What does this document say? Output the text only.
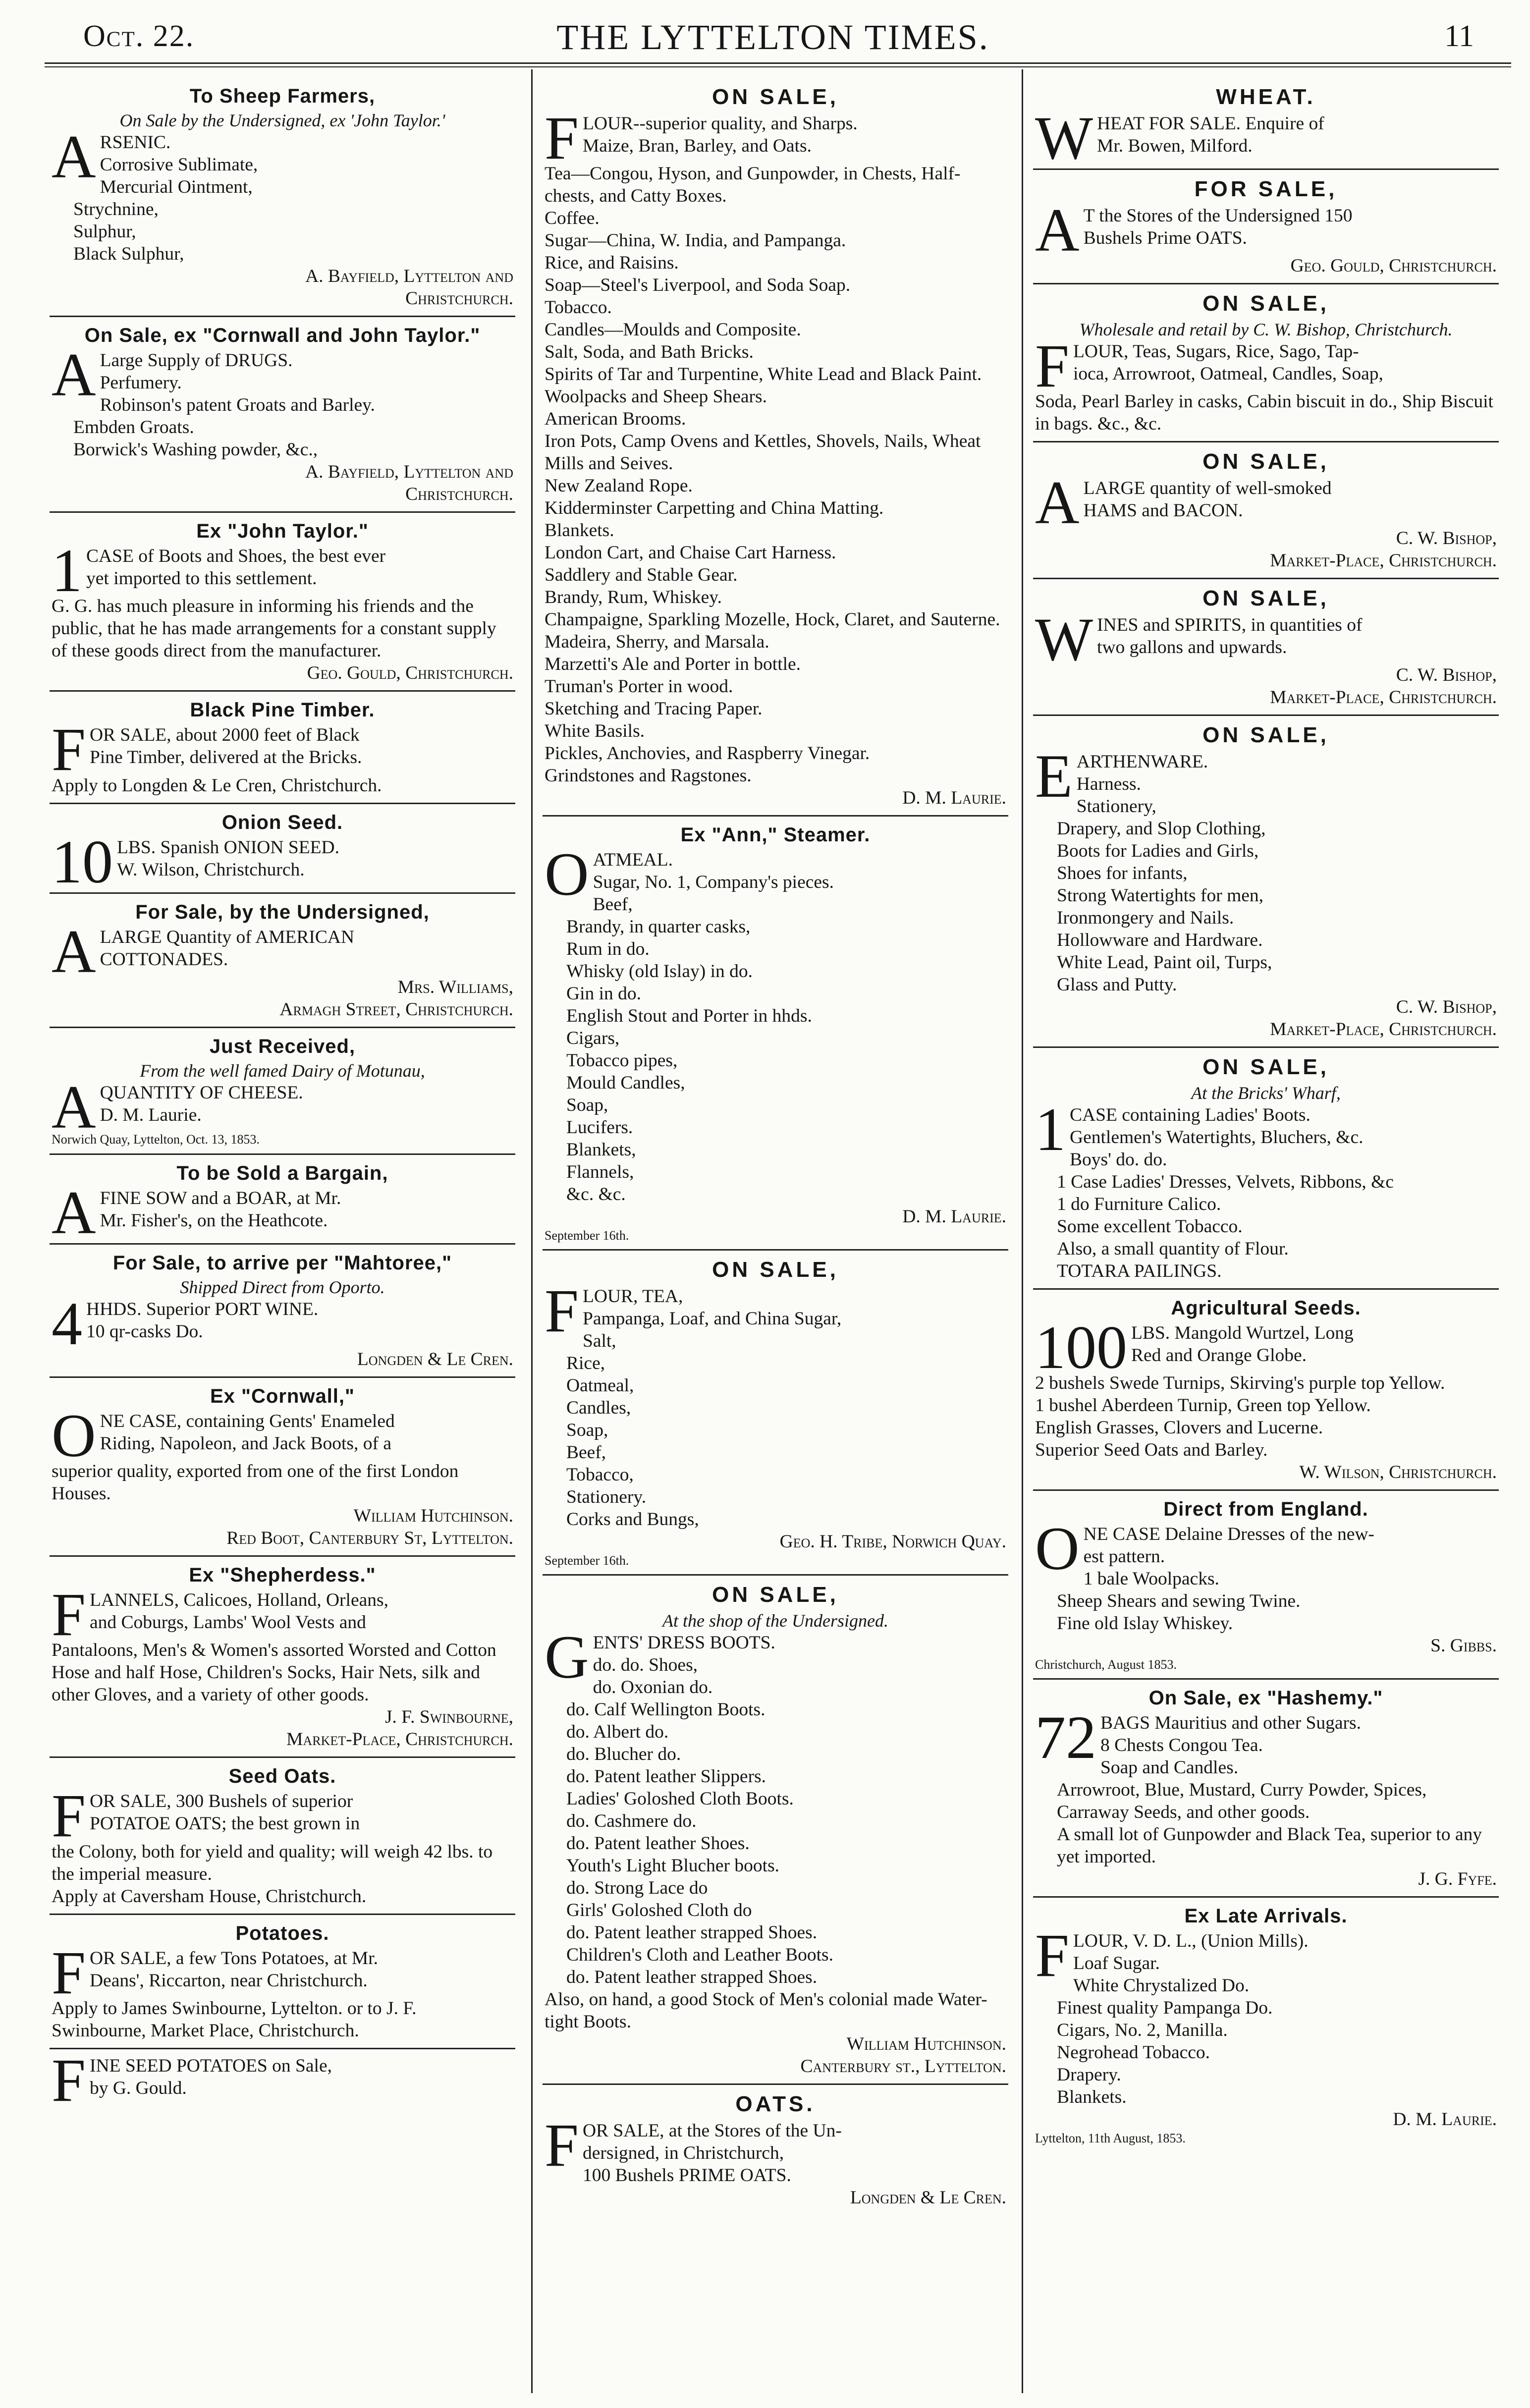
Oct. 22.	THE LYTTELTON TIMES.	11
To Sheep Farmers,
On Sale by the Undersigned, ex 'John Taylor.'
A RSENIC.
Corrosive Sublimate,
Mercurial Ointment,
Strychnine,
Sulphur,
Black Sulphur,
A. Bayfield, Lyttelton and
Christchurch.
On Sale, ex "Cornwall and John Taylor."
A Large Supply of DRUGS.
Perfumery.
Robinson's patent Groats and Barley.
Embden Groats.
Borwick's Washing powder, &c.,
A. Bayfield, Lyttelton and
Christchurch.
Ex "John Taylor."
1 CASE of Boots and Shoes, the best ever
yet imported to this settlement.
G. G. has much pleasure in informing his friends and the public, that he has made arrangements for a constant supply of these goods direct from the manufacturer.
Geo. Gould, Christchurch.
Black Pine Timber.
F OR SALE, about 2000 feet of Black
Pine Timber, delivered at the Bricks.
Apply to Longden & Le Cren, Christchurch.
Onion Seed.
10 LBS. Spanish ONION SEED.
W. Wilson, Christchurch.
For Sale, by the Undersigned,
A LARGE Quantity of AMERICAN
COTTONADES.
Mrs. Williams,
Armagh Street, Christchurch.
Just Received,
From the well famed Dairy of Motunau,
A QUANTITY OF CHEESE.
D. M. Laurie.
Norwich Quay, Lyttelton, Oct. 13, 1853.
To be Sold a Bargain,
A FINE SOW and a BOAR, at Mr.
Mr. Fisher's, on the Heathcote.
For Sale, to arrive per "Mahtoree,"
Shipped Direct from Oporto.
4 HHDS. Superior PORT WINE.
10 qr-casks Do.
Longden & Le Cren.
Ex "Cornwall,"
O NE CASE, containing Gents' Enameled
Riding, Napoleon, and Jack Boots, of a
superior quality, exported from one of the first London Houses.
William Hutchinson.
Red Boot, Canterbury St, Lyttelton.
Ex "Shepherdess."
F LANNELS, Calicoes, Holland, Orleans,
and Coburgs, Lambs' Wool Vests and
Pantaloons, Men's & Women's assorted Worsted and Cotton Hose and half Hose, Children's Socks, Hair Nets, silk and other Gloves, and a variety of other goods.
J. F. Swinbourne,
Market-Place, Christchurch.
Seed Oats.
F OR SALE, 300 Bushels of superior
POTATOE OATS; the best grown in
the Colony, both for yield and quality; will weigh 42 lbs. to the imperial measure.
Apply at Caversham House, Christchurch.
Potatoes.
F OR SALE, a few Tons Potatoes, at Mr.
Deans', Riccarton, near Christchurch.
Apply to James Swinbourne, Lyttelton. or to J. F. Swinbourne, Market Place, Christchurch.
F INE SEED POTATOES on Sale,
by G. Gould.
ON SALE,
F LOUR--superior quality, and Sharps.
Maize, Bran, Barley, and Oats.
Tea—Congou, Hyson, and Gunpowder, in Chests, Half-chests, and Catty Boxes.
Coffee.
Sugar—China, W. India, and Pampanga.
Rice, and Raisins.
Soap—Steel's Liverpool, and Soda Soap.
Tobacco.
Candles—Moulds and Composite.
Salt, Soda, and Bath Bricks.
Spirits of Tar and Turpentine, White Lead and Black Paint.
Woolpacks and Sheep Shears.
American Brooms.
Iron Pots, Camp Ovens and Kettles, Shovels, Nails, Wheat Mills and Seives.
New Zealand Rope.
Kidderminster Carpetting and China Matting.
Blankets.
London Cart, and Chaise Cart Harness.
Saddlery and Stable Gear.
Brandy, Rum, Whiskey.
Champaigne, Sparkling Mozelle, Hock, Claret, and Sauterne.
Madeira, Sherry, and Marsala.
Marzetti's Ale and Porter in bottle.
Truman's Porter in wood.
Sketching and Tracing Paper.
White Basils.
Pickles, Anchovies, and Raspberry Vinegar.
Grindstones and Ragstones.
D. M. Laurie.
Ex "Ann," Steamer.
O ATMEAL.
Sugar, No. 1, Company's pieces.
Beef,
Brandy, in quarter casks,
Rum in do.
Whisky (old Islay) in do.
Gin in do.
English Stout and Porter in hhds.
Cigars,
Tobacco pipes,
Mould Candles,
Soap,
Lucifers.
Blankets,
Flannels,
&c. &c.
D. M. Laurie.
September 16th.
ON SALE,
F LOUR, TEA,
Pampanga, Loaf, and China Sugar,
Salt,
Rice,
Oatmeal,
Candles,
Soap,
Beef,
Tobacco,
Stationery.
Corks and Bungs,
Geo. H. Tribe, Norwich Quay.
September 16th.
ON SALE,
At the shop of the Undersigned.
G ENTS' DRESS BOOTS.
do. do. Shoes,
do. Oxonian do.
do. Calf Wellington Boots.
do. Albert do.
do. Blucher do.
do. Patent leather Slippers.
Ladies' Goloshed Cloth Boots.
do. Cashmere do.
do. Patent leather Shoes.
Youth's Light Blucher boots.
do. Strong Lace do
Girls' Goloshed Cloth do
do. Patent leather strapped Shoes.
Children's Cloth and Leather Boots.
do. Patent leather strapped Shoes.
Also, on hand, a good Stock of Men's colonial made Water-tight Boots.
William Hutchinson.
Canterbury st., Lyttelton.
OATS.
F OR SALE, at the Stores of the Un-
dersigned, in Christchurch,
100 Bushels PRIME OATS.
Longden & Le Cren.
WHEAT.
W HEAT FOR SALE. Enquire of
Mr. Bowen, Milford.
FOR SALE,
A T the Stores of the Undersigned 150
Bushels Prime OATS.
Geo. Gould, Christchurch.
ON SALE,
Wholesale and retail by C. W. Bishop, Christchurch.
F LOUR, Teas, Sugars, Rice, Sago, Tap-
ioca, Arrowroot, Oatmeal, Candles, Soap,
Soda, Pearl Barley in casks, Cabin biscuit in do., Ship Biscuit in bags. &c., &c.
ON SALE,
A LARGE quantity of well-smoked
HAMS and BACON.
C. W. Bishop,
Market-Place, Christchurch.
ON SALE,
W INES and SPIRITS, in quantities of
two gallons and upwards.
C. W. Bishop,
Market-Place, Christchurch.
ON SALE,
E ARTHENWARE.
Harness.
Stationery,
Drapery, and Slop Clothing,
Boots for Ladies and Girls,
Shoes for infants,
Strong Watertights for men,
Ironmongery and Nails.
Hollowware and Hardware.
White Lead, Paint oil, Turps,
Glass and Putty.
C. W. Bishop,
Market-Place, Christchurch.
ON SALE,
At the Bricks' Wharf,
1 CASE containing Ladies' Boots.
Gentlemen's Watertights, Bluchers, &c.
Boys' do. do.
1 Case Ladies' Dresses, Velvets, Ribbons, &c
1 do Furniture Calico.
Some excellent Tobacco.
Also, a small quantity of Flour.
TOTARA PAILINGS.
Agricultural Seeds.
100 LBS. Mangold Wurtzel, Long
Red and Orange Globe.
2 bushels Swede Turnips, Skirving's purple top Yellow.
1 bushel Aberdeen Turnip, Green top Yellow.
English Grasses, Clovers and Lucerne.
Superior Seed Oats and Barley.
W. Wilson, Christchurch.
Direct from England.
O NE CASE Delaine Dresses of the new-
est pattern.
1 bale Woolpacks.
Sheep Shears and sewing Twine.
Fine old Islay Whiskey.
S. Gibbs.
Christchurch, August 1853.
On Sale, ex "Hashemy."
72 BAGS Mauritius and other Sugars.
8 Chests Congou Tea.
Soap and Candles.
Arrowroot, Blue, Mustard, Curry Powder, Spices, Carraway Seeds, and other goods.
A small lot of Gunpowder and Black Tea, superior to any yet imported.
J. G. Fyfe.
Ex Late Arrivals.
F LOUR, V. D. L., (Union Mills).
Loaf Sugar.
White Chrystalized Do.
Finest quality Pampanga Do.
Cigars, No. 2, Manilla.
Negrohead Tobacco.
Drapery.
Blankets.
D. M. Laurie.
Lyttelton, 11th August, 1853.
